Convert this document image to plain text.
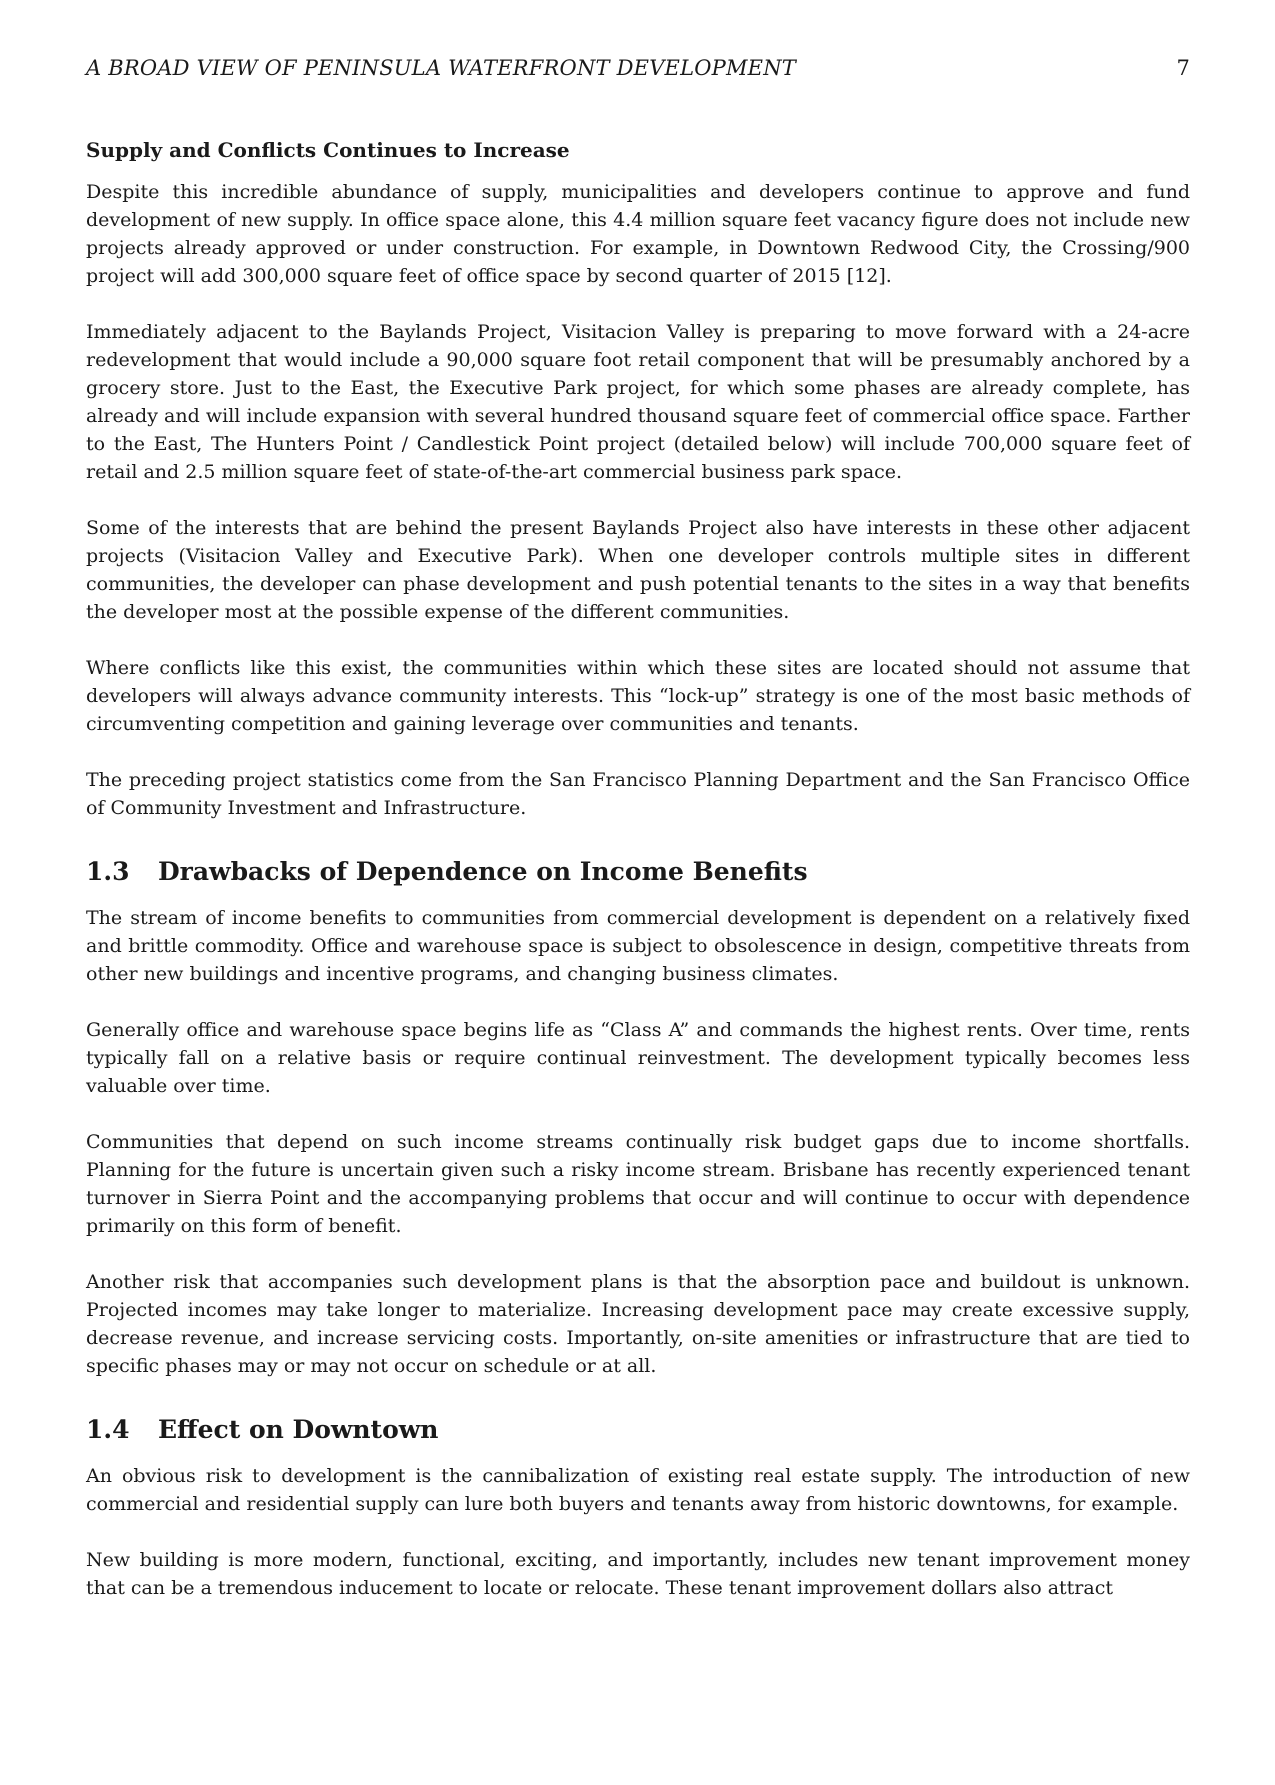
A BROAD VIEW OF PENINSULA WATERFRONT DEVELOPMENT	7
Supply and Conflicts Continues to Increase

Despite this incredible abundance of supply, municipalities and developers continue to approve and fund development of new supply. In office space alone, this 4.4 million square feet vacancy figure does not include new projects already approved or under construction. For example, in Downtown Redwood City, the Crossing/900 project will add 300,000 square feet of office space by second quarter of 2015 [12].

Immediately adjacent to the Baylands Project, Visitacion Valley is preparing to move forward with a 24-acre redevelopment that would include a 90,000 square foot retail component that will be presumably anchored by a grocery store. Just to the East, the Executive Park project, for which some phases are already complete, has already and will include expansion with several hundred thousand square feet of commercial office space. Farther to the East, The Hunters Point / Candlestick Point project (detailed below) will include 700,000 square feet of retail and 2.5 million square feet of state-of-the-art commercial business park space.

Some of the interests that are behind the present Baylands Project also have interests in these other adjacent projects (Visitacion Valley and Executive Park). When one developer controls multiple sites in different communities, the developer can phase development and push potential tenants to the sites in a way that benefits the developer most at the possible expense of the different communities.

Where conflicts like this exist, the communities within which these sites are located should not assume that developers will always advance community interests. This “lock-up” strategy is one of the most basic methods of circumventing competition and gaining leverage over communities and tenants.

The preceding project statistics come from the San Francisco Planning Department and the San Francisco Office of Community Investment and Infrastructure.

1.3	Drawbacks of Dependence on Income Benefits

The stream of income benefits to communities from commercial development is dependent on a relatively fixed and brittle commodity. Office and warehouse space is subject to obsolescence in design, competitive threats from other new buildings and incentive programs, and changing business climates.

Generally office and warehouse space begins life as “Class A” and commands the highest rents. Over time, rents typically fall on a relative basis or require continual reinvestment. The development typically becomes less valuable over time.

Communities that depend on such income streams continually risk budget gaps due to income shortfalls. Planning for the future is uncertain given such a risky income stream. Brisbane has recently experienced tenant turnover in Sierra Point and the accompanying problems that occur and will continue to occur with dependence primarily on this form of benefit.

Another risk that accompanies such development plans is that the absorption pace and buildout is unknown. Projected incomes may take longer to materialize. Increasing development pace may create excessive supply, decrease revenue, and increase servicing costs. Importantly, on-site amenities or infrastructure that are tied to specific phases may or may not occur on schedule or at all.

1.4	Effect on Downtown

An obvious risk to development is the cannibalization of existing real estate supply. The introduction of new commercial and residential supply can lure both buyers and tenants away from historic downtowns, for example.

New building is more modern, functional, exciting, and importantly, includes new tenant improvement money that can be a tremendous inducement to locate or relocate. These tenant improvement dollars also attract
